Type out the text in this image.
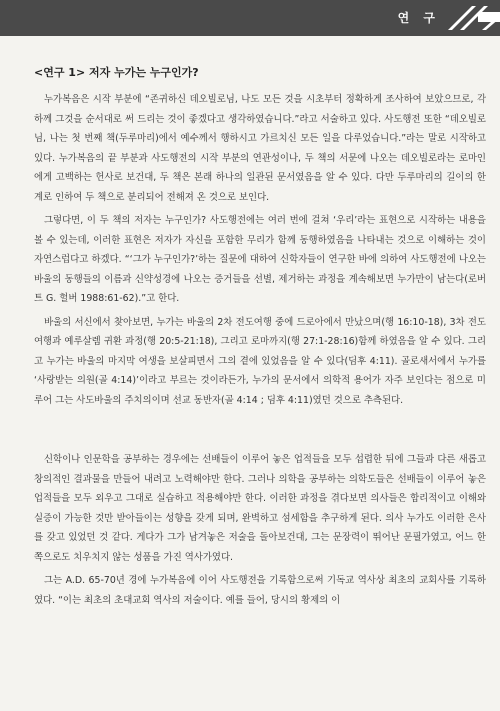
연 구
<연구 1> 저자 누가는 누구인가?

누가복음은 시작 부분에 “존귀하신 데오빌로님, 나도 모든 것을 시초부터 정확하게 조사하여 보았으므로, 각하께 그것을 순서대로 써 드리는 것이 좋겠다고 생각하였습니다.”라고 서술하고 있다. 사도행전 또한 “데오빌로님, 나는 첫 번째 책(두루마리)에서 예수께서 행하시고 가르치신 모든 일을 다루었습니다.”라는 말로 시작하고 있다. 누가복음의 끝 부분과 사도행전의 시작 부분의 연관성이나, 두 책의 서문에 나오는 데오빌로라는 로마인에게 고백하는 헌사로 보건대, 두 책은 본래 하나의 일관된 문서였음을 알 수 있다. 다만 두루마리의 길이의 한계로 인하여 두 책으로 분리되어 전해져 온 것으로 보인다.

그렇다면, 이 두 책의 저자는 누구인가? 사도행전에는 여러 번에 걸쳐 ‘우리’라는 표현으로 시작하는 내용을 볼 수 있는데, 이러한 표현은 저자가 자신을 포함한 무리가 함께 동행하였음을 나타내는 것으로 이해하는 것이 자연스럽다고 하겠다. “‘그가 누구인가?’하는 질문에 대하여 신학자들이 연구한 바에 의하여 사도행전에 나오는 바울의 동행들의 이름과 신약성경에 나오는 증거들을 선별, 제거하는 과정을 계속해보면 누가만이 남는다(로버트 G. 헐버 1988:61-62).”고 한다.

바울의 서신에서 찾아보면, 누가는 바울의 2차 전도여행 중에 드로아에서 만났으며(행 16:10-18), 3차 전도여행과 예루살렘 귀환 과정(행 20:5-21:18), 그리고 로마까지(행 27:1-28:16)함께 하였음을 알 수 있다. 그리고 누가는 바울의 마지막 여생을 보살피면서 그의 곁에 있었음을 알 수 있다(딤후 4:11). 골로새서에서 누가를 ‘사랑받는 의원(골 4:14)’이라고 부르는 것이라든가, 누가의 문서에서 의학적 용어가 자주 보인다는 점으로 미루어 그는 사도바울의 주치의이며 선교 동반자(골 4:14 ; 딤후 4:11)였던 것으로 추측된다.

신학이나 인문학을 공부하는 경우에는 선배들이 이루어 놓은 업적들을 모두 섭렵한 뒤에 그들과 다른 새롭고 창의적인 결과물을 만들어 내려고 노력해야만 한다. 그러나 의학을 공부하는 의학도들은 선배들이 이루어 놓은 업적들을 모두 외우고 그대로 실습하고 적용해야만 한다. 이러한 과정을 겪다보면 의사들은 합리적이고 이해와 실증이 가능한 것만 받아들이는 성향을 갖게 되며, 완벽하고 섬세함을 추구하게 된다. 의사 누가도 이러한 은사를 갖고 있었던 것 같다. 게다가 그가 남겨놓은 저술을 돌아보건대, 그는 문장력이 뛰어난 문필가였고, 어느 한쪽으로도 치우치지 않는 성품을 가진 역사가였다.

그는 A.D. 65-70년 경에 누가복음에 이어 사도행전을 기록함으로써 기독교 역사상 최초의 교회사를 기록하였다. “이는 최초의 초대교회 역사의 저술이다. 예를 들어, 당시의 황제의 이
